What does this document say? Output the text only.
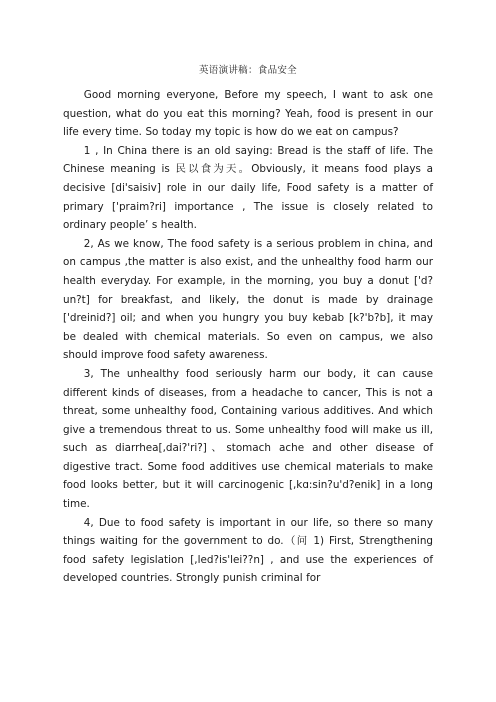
英语演讲稿：食品安全

Good morning everyone, Before my speech, I want to ask one question, what do you eat this morning? Yeah, food is present in our life every time. So today my topic is how do we eat on campus?

1 , In China there is an old saying: Bread is the staff of life. The Chinese meaning is 民以食为天。Obviously, it means food plays a decisive [di'saisiv] role in our daily life, Food safety is a matter of primary ['praim?ri] importance , The issue is closely related to ordinary people’ s health.

2, As we know, The food safety is a serious problem in china, and on campus ,the matter is also exist, and the unhealthy food harm our health everyday. For example, in the morning, you buy a donut ['d?un?t] for breakfast, and likely, the donut is made by drainage ['dreinid?] oil; and when you hungry you buy kebab [k?'b?b], it may be dealed with chemical materials. So even on campus, we also should improve food safety awareness.

3, The unhealthy food seriously harm our body, it can cause different kinds of diseases, from a headache to cancer, This is not a threat, some unhealthy food, Containing various additives. And which give a tremendous threat to us. Some unhealthy food will make us ill, such as diarrhea[,dai?'ri?]、stomach ache and other disease of digestive tract. Some food additives use chemical materials to make food looks better, but it will carcinogenic [,kɑ:sin?u'd?enik] in a long time.

4, Due to food safety is important in our life, so there so many things waiting for the government to do.（问 1) First, Strengthening food safety legislation [,led?is'lei??n] , and use the experiences of developed countries. Strongly punish criminal for
